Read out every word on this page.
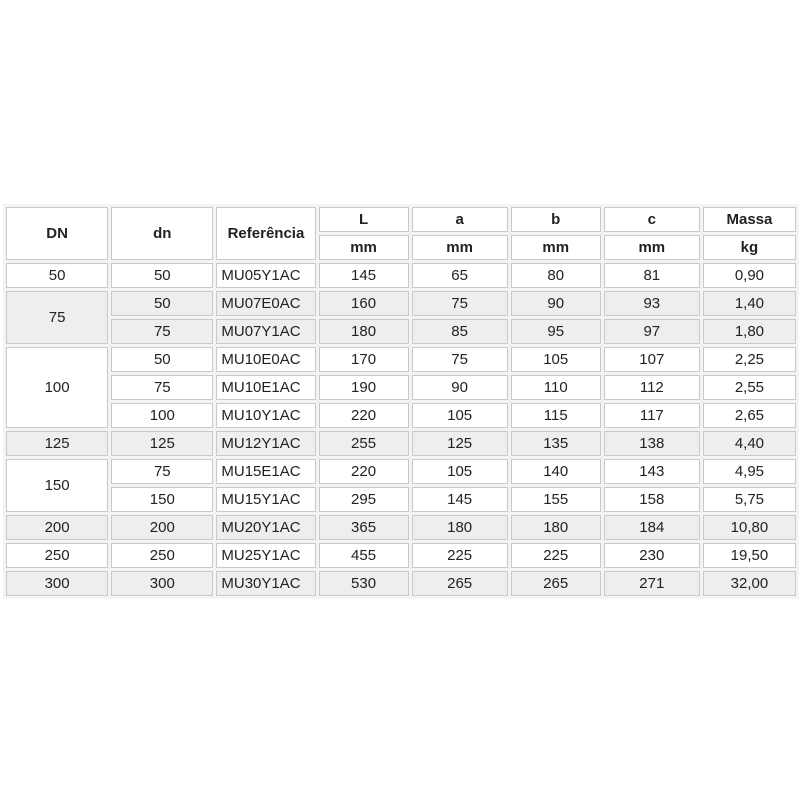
DN	dn	Referência	L	a	b	c	Massa
			mm	mm	mm	mm	kg
50	50	MU05Y1AC	145	65	80	81	0,90
75	50	MU07E0AC	160	75	90	93	1,40
	75	MU07Y1AC	180	85	95	97	1,80
100	50	MU10E0AC	170	75	105	107	2,25
	75	MU10E1AC	190	90	110	112	2,55
	100	MU10Y1AC	220	105	115	117	2,65
125	125	MU12Y1AC	255	125	135	138	4,40
150	75	MU15E1AC	220	105	140	143	4,95
	150	MU15Y1AC	295	145	155	158	5,75
200	200	MU20Y1AC	365	180	180	184	10,80
250	250	MU25Y1AC	455	225	225	230	19,50
300	300	MU30Y1AC	530	265	265	271	32,00
